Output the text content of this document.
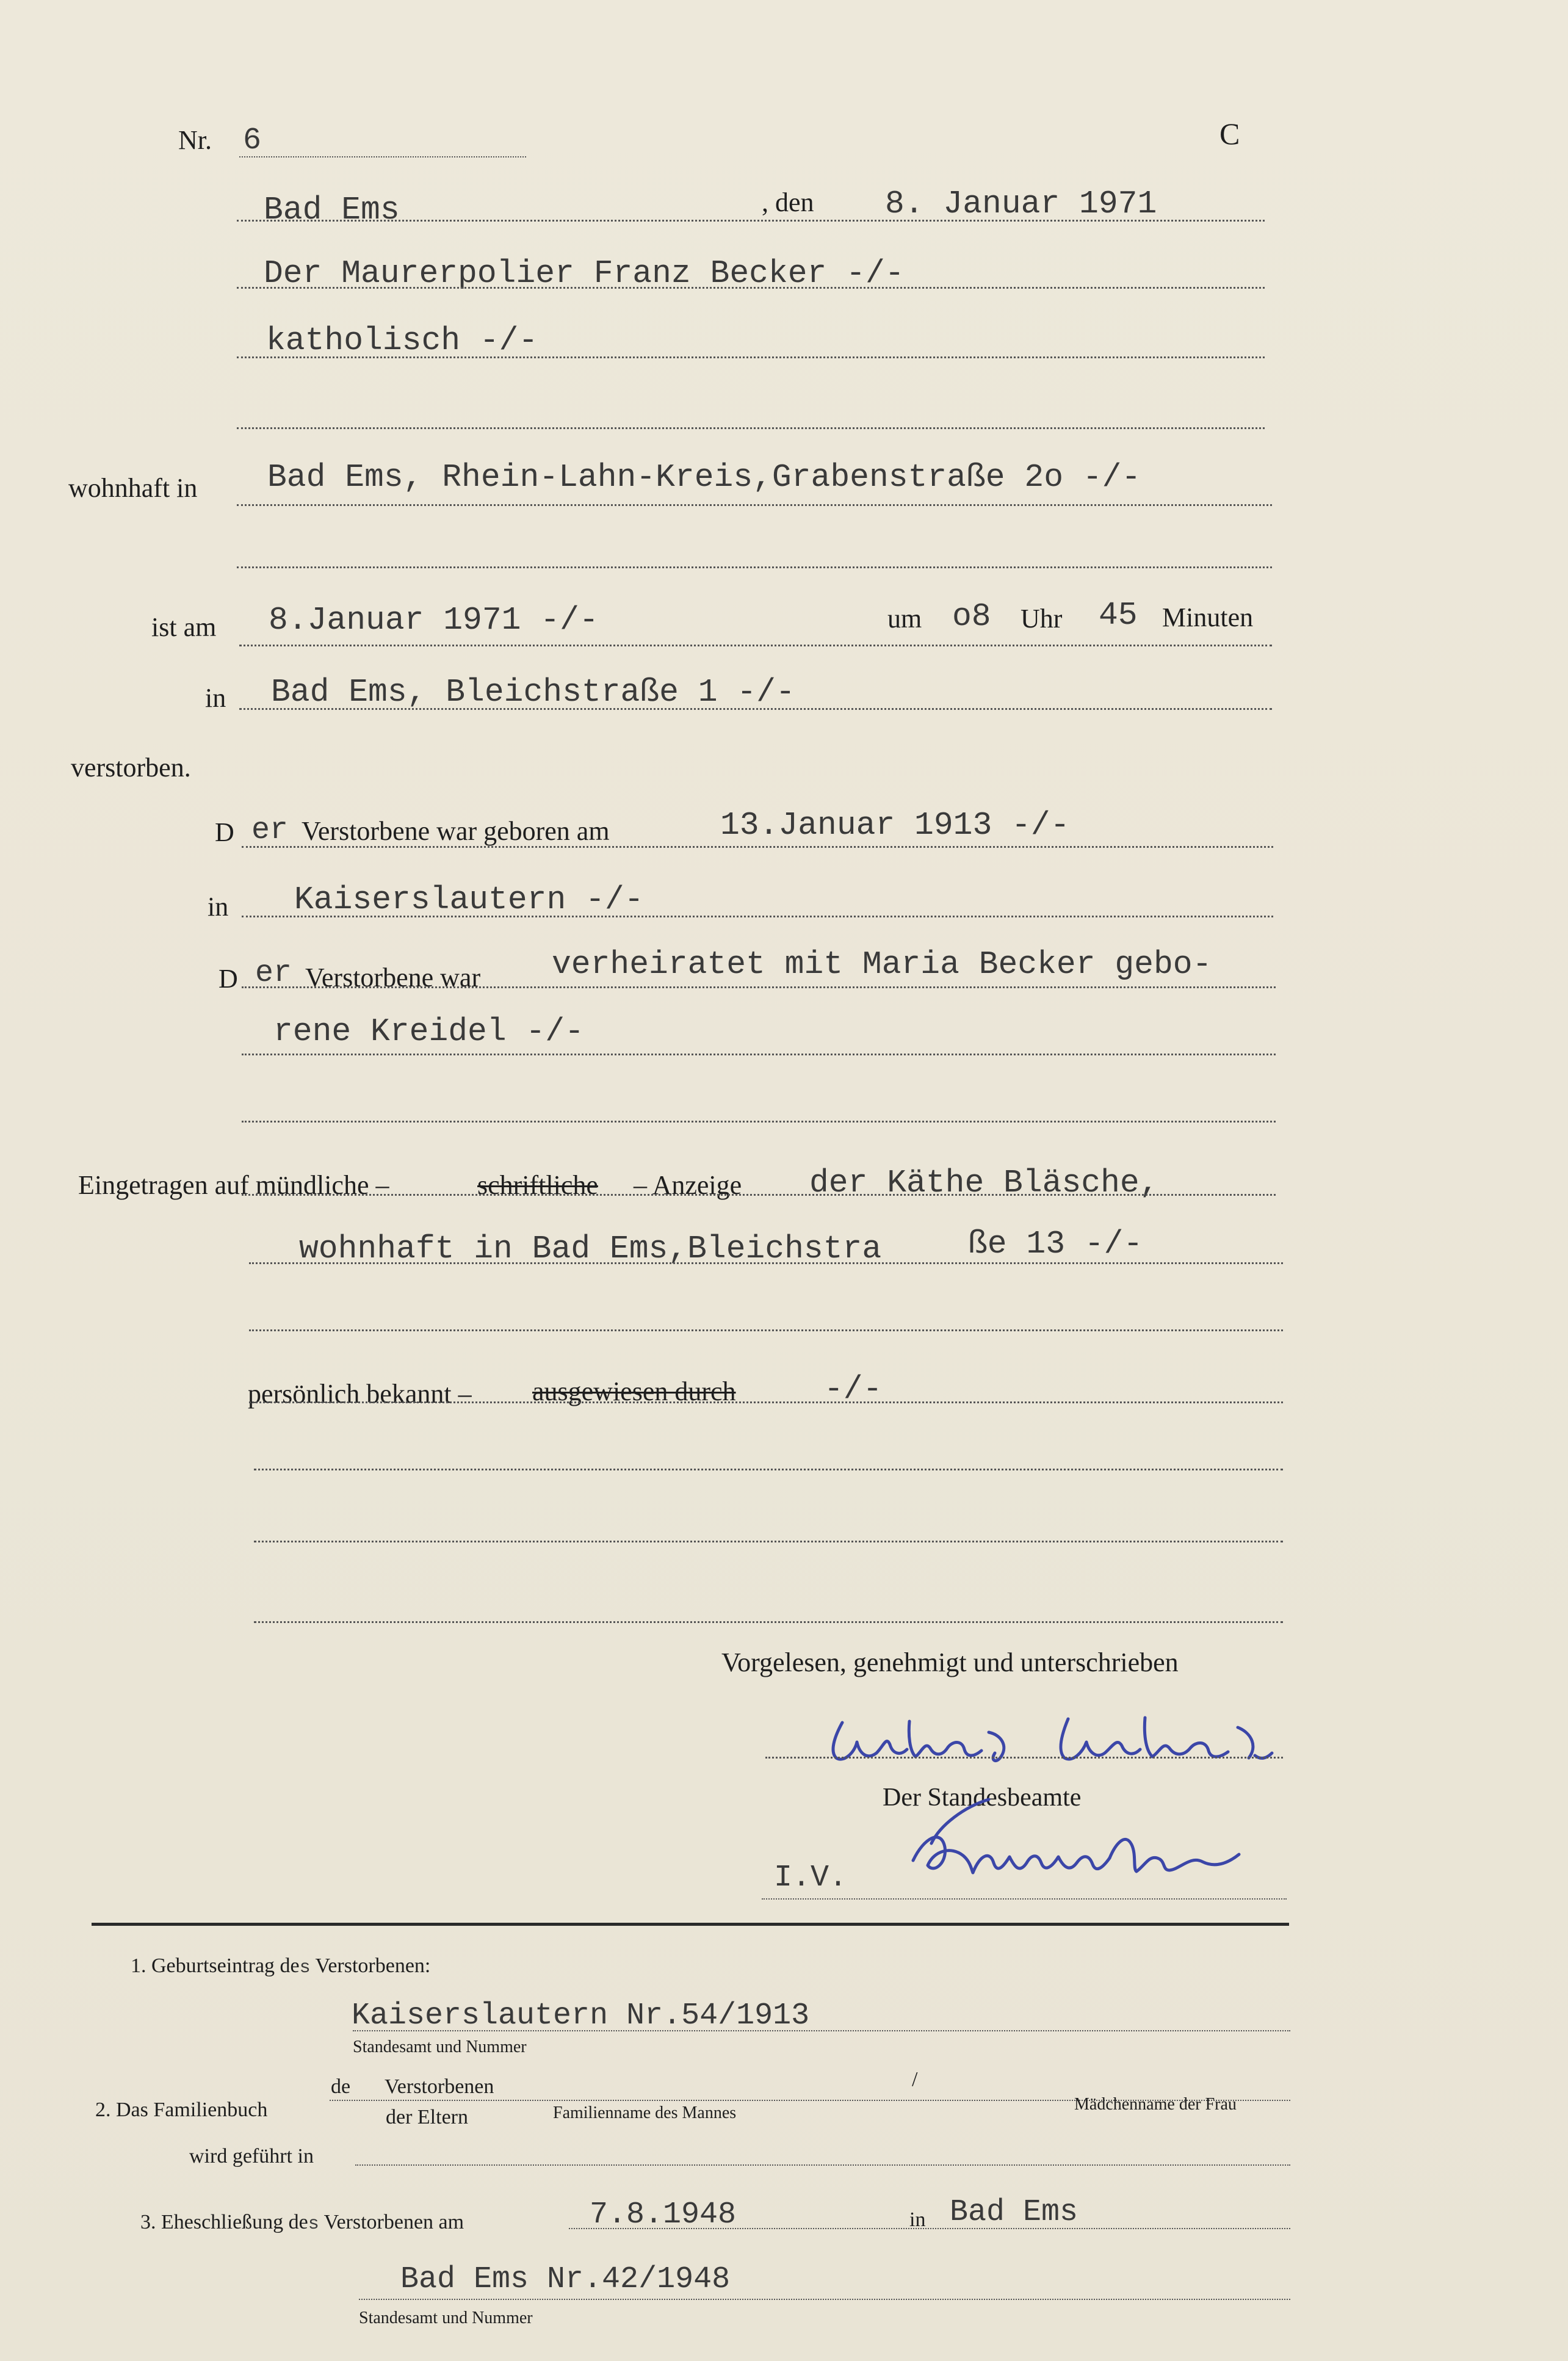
Nr. 6	C
Bad Ems	, den 8. Januar 1971
Der Maurerpolier Franz Becker -/-
katholisch -/-
wohnhaft in Bad Ems, Rhein-Lahn-Kreis,Grabenstraße 2o -/-
ist am 8.Januar 1971 -/-	um o8 Uhr 45 Minuten
in Bad Ems, Bleichstraße 1 -/-
verstorben.
D er Verstorbene war geboren am	13.Januar 1913 -/-
in Kaiserslautern -/-
D er Verstorbene war verheiratet mit Maria Becker gebo-
rene Kreidel -/-
Eingetragen auf mündliche –	schriftliche – Anzeige der Käthe Bläsche,
wohnhaft in Bad Ems,Bleichstra	ße 13 -/-
persönlich bekannt – ausgewiesen durch	-/-
Vorgelesen, genehmigt und unterschrieben
Der Standesbeamte
I.V.
1. Geburtseintrag des Verstorbenen:
Kaiserslautern Nr.54/1913
Standesamt und Nummer
de Verstorbenen	/
2. Das Familienbuch	der Eltern	Familienname des Mannes	Mädchenname der Frau
wird geführt in
3. Eheschließung des Verstorbenen am	7.8.1948	in Bad Ems
Bad Ems Nr.42/1948
Standesamt und Nummer
